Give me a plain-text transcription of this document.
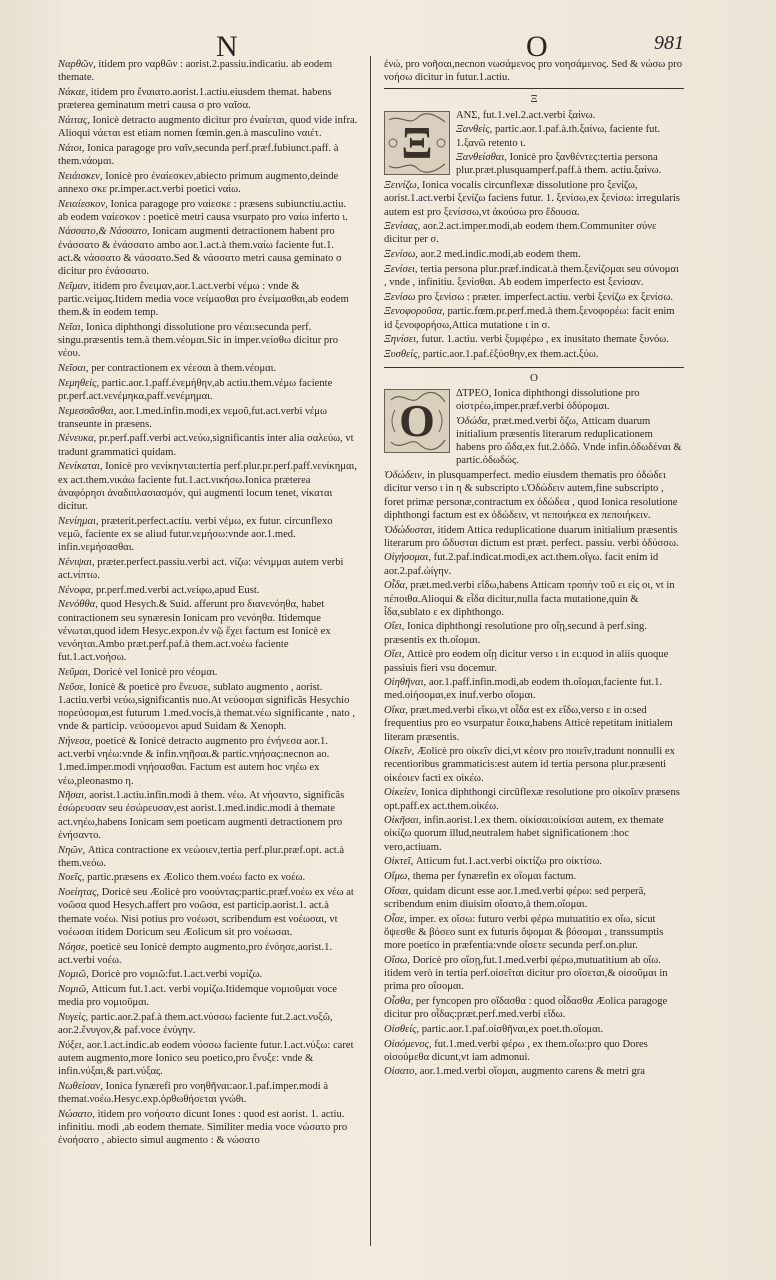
N	O	981
Ναρθῶν, itidem pro ναρθῶν : aorist.2.passiu.indicatiu. ab eodem themate.
Νάκαε, itidem pro ἔναιατο.aorist.1.actiu.eiusdem themat. habens præterea geminatum metri causa σ pro ναῖσα.
Νάιτας, Ionicè detracto augmento dicitur pro ἐναίεται, quod vide infra. Alioqui νάεται est etiam nomen fœmin.gen.à masculino ναιέτ.
Νάιοι, Ionica paragoge pro ναῖν,secunda perf.præf.fubiunct.paff. à them.νάομαι.
Νειάισκεν, Ionicè pro ἐναίεσκεν,abiecto primum augmento,deinde annexo σκε pr.imper.act.verbi poetici ναίω.
Νειαίεσκον, Ionica paragoge pro ναίεσκε : præsens subiunctiu.actiu. ab eodem ναίεσκον : poeticè metri causa vsurpato pro ναίω inferto ι.
Νάσσατο,& Νάσσατο, Ionicam augmenti detractionem habent pro ἐνάσσατο & ἐνάσσατο ambo aor.1.act.à them.ναίω faciente fut.1. act.& νάσσατο & νάσσατο.Sed & νάσσατο metri causa geminato σ dicitur pro ἐνάσσατο.
Νεῖμαν, itidem pro ἔνειμαν,aor.1.act.verbi νέμω : vnde & partic.νείμας.Itidem media voce νείμασθαι pro ἐνείμασθαι,ab eodem them.& in eodem temp.
Νεῖαι, Ionica diphthongi dissolutione pro νέαι:secunda perf. singu.præsentis tem.à them.νέομαι.Sic in imper.νείσθω dicitur pro νέου.
Νεῖσαι, per contractionem ex νέεσαι à them.νέομαι.
Νεμηθεὶς, partic.aor.1.paff.ἐνεμήθην,ab actiu.them.νέμω faciente pr.perf.act.νενέμηκα,paff.νενέμημαι.
Νεμεσσᾶσθαι, aor.1.med.infin.modi,ex νεμοῦ,fut.act.verbi νέμω transeunte in præsens.
Νένευκα, pr.perf.paff.verbi act.νεύω,significantis inter alia σαλεύω, vt tradunt grammatici quidam.
Νενίκαται, Ionicè pro νενίκηνται:tertia perf.plur.pr.perf.paff.νενίκημαι, ex act.them.νικάω faciente fut.1.act.νικήσω.Ionica præterea ἀναφόρησι ἀναδιπλασιασμόν, qui augmenti locum tenet, νίκαται dicitur.
Νενίημαι, præterit.perfect.actiu. verbi νέμω, ex futur. circunflexo νεμῶ, faciente ex se aliud futur.νεμήσω:vnde aor.1.med. infin.νεμήσασθαι.
Νένιψαι, præter.perfect.passiu.verbi act. νίζω: νένιμμαι autem verbi act.νίπτω.
Νένοφα, pr.perf.med.verbi act.νείφω,apud Eust.
Νενόθθα, quod Hesych.& Suid. afferunt pro διανενόηθα, habet contractionem seu synæresin Ionicam pro νενόηθα. Itidemque νένωται,quod idem Hesyc.expon.ἐν νῷ ἔχει factum est Ionicè ex νενόηται.Ambo præt.perf.paf.à them.act.νοέω faciente fut.1.act.νοήσω.
Νεῦμαι, Doricè vel Ionicè pro νέομαι.
Νεῦσε, Ionicè & poeticè pro ἔνευσε, sublato augmento , aorist. 1.actiu.verbi νεύω,significantis nuo.At νεύσομαι significãs Hesychio πορεύσομαι,est futurum 1.med.vocis,à themat.νέω significante , nato , vnde & particip. νεύσομενοι apud Suidam & Xenoph.
Νήνεσα, poeticè & Ionicè detracto augmento pro ἐνήνεσα aor.1. act.verbi νηέω:vnde & infin.νηῆσαι.& partic.νηήσας:necnon ao. 1.med.imper.modi νηήσασθαι. Factum est autem hoc νηέω ex νέω,pleonasmo η.
Νῆσαι, aorist.1.actiu.infin.modi à them. νέω. At νήσαντο, significãs ἐσώρευσαν seu ἐσώρευσαν,est aorist.1.med.indic.modi à themate act.νηέω,habens Ionicam sem poeticam augmenti detractionem pro ἐνήσαντο.
Νηῶν, Attica contractione ex νεώοιεν,tertia perf.plur.præf.opt. act.à them.νεόω.
Νοεῖς, partic.præsens ex Æolico them.νοέω facto ex νοέω.
Νοείητας, Doricè seu Æolicè pro νοούντας:partic.præf.νοέω ex νέω at νοῶσα quod Hesych.affert pro νοῶσα, est particip.aorist.1. act.à themate νοέω. Nisi potius pro νοέωσι, scribendum est νοέωσαι, vt νοέωσαι itidem Doricum seu Æolicum sit pro νοέωσαι.
Νόησε, poeticè seu Ionicè dempto augmento,pro ἐνόησε,aorist.1. act.verbi νοέω.
Νομιῶ, Doricè pro νομιῶ:fut.1.act.verbi νομίζω.
Νομιῶ, Atticum fut.1.act. verbi νομίζω.Itidemque νομιοῦμαι voce media pro νομιοῦμαι.
Νυγεὶς, partic.aor.2.paf.à them.act.νύσσω faciente fut.2.act.νυξῶ, aor.2.ἔνυγον,& paf.voce ἐνύγην.
Νύξει, aor.1.act.indic.ab eodem νύσσω faciente futur.1.act.νύξω: caret autem augmento,more Ionico seu poetico,pro ἔνυξε: vnde & infin.νύξαι,& part.νύξας.
Νωθείσαν, Ionica fynærefi pro νοηθῆναι:aor.1.paf.imper.modi à themat.νοέω.Hesyc.exp.ὀρθωθήσεται γνώθι.
Νώσατο, itidem pro νοήσατο dicunt Iones : quod est aorist. 1. actiu. infinitiu. modi ,ab eodem themate. Similiter media voce νώσατο pro ἐνοήσατο , abiecto simul augmento : & νώσατο
ἐνώ, pro νοῆσαι,necnon νωσάμενος pro νοησάμενος. Sed & νώσω pro νοήσω dicitur in futur.1.actiu.
Ξ
Ξ
ANΣ, fut.1.vel.2.act.verbi ξαίνω.
Ξανθεὶς, partic.aor.1.paf.à.th.ξαίνω, faciente fut. 1.ξανῶ retento ι.
Ξανθείσθαι, Ionicè pro ξανθέντες:tertia persona plur.præt.plusquamperf.paff.à them. actiu.ξαίνω.
Ξεινίζω, Ionica vocalis circunflexæ dissolutione pro ξενίζω, aorist.1.act.verbi ξενίζω faciens futur. 1. ξενίσω,ex ξενίσω: irregularis autem est pro ξενίσσω,vt ἀκούσω pro ἔδουσα.
Ξενίσας, aor.2.act.imper.modi,ab eodem them.Communiter σύνε dicitur per σ.
Ξενίσω, aor.2 med.indic.modi,ab eodem them.
Ξενίσει, tertia persona plur.præf.indicat.à them.ξενίζομαι seu σύνομαι , vnde , infinitiu. ξενίσθαι. Ab eodem imperfecto est ξενίσαν.
Ξενίσω pro ξενίσω : præter. imperfect.actiu. verbi ξενίζω ex ξενίσω.
Ξενοφοροῦσα, partic.fœm.pr.perf.med.à them.ξενοφορέω: facit enim id ξενοφορήσω,Attica mutatione ι in σ.
Ξηνίσει, futur. 1.actiu. verbi ξυμφέρω , ex inusitato themate ξυνόω.
Ξυσθείς, partic.aor.1.paf.ἐξύσθην,ex them.act.ξύω.
O
O
ΔΤΡΕΟ, Ionica diphthongi dissolutione pro οἰστρέω,imper.præf.verbi ὀδύρομαι.
Ὀδώδα, præt.med.verbi ὄζω, Atticam duarum initialium præsentis literarum reduplicationem habens pro ὤδα,ex fut.2.ὀδῶ. Vnde infin.ὀδωδέναι & partic.ὀδωδώς.
Ὀδώδειν, in plusquamperfect. medio eiusdem thematis pro ὀδώδει dicitur verso ι in η & subscripto ι.Ὀδώδειν autem,fine subscripto , foret primæ personæ,contractum ex ὀδώδεα , quod Ionica resolutione diphthongi factum est ex ὀδώδειν, vt πεποιήκεα ex πεποιήκειν.
Ὀδώδυσται, itidem Attica reduplicatione duarum initialium præsentis literarum pro ὤδυσται dictum est præt. perfect. passiu. verbi ὀδύσσω.
Οἰγήσομαι, fut.2.paf.indicat.modi,ex act.them.οἴγω. facit enim id aor.2.paf.ὠίγην.
Οἶδα, præt.med.verbi εἴδω,habens Atticam τροπὴν τοῦ ει εἰς οι, vt in πέποιθα.Alioqui & εἶδα dicitur,nulla facta mutatione,quin & ἶδα,sublato ε ex diphthongo.
Οἴει, Ionica diphthongi resolutione pro οἴῃ,secund à perf.sing. præsentis ex th.οἴομαι.
Οἴει, Atticè pro eodem οἴῃ dicitur verso ι in ει:quod in aliis quoque passiuis fieri vsu docemur.
Οἰηθῆναι, aor.1.paff.infin.modi,ab eodem th.οἴομαι,faciente fut.1. med.οἰήσομαι,ex inuf.verbo οἴομαι.
Οἴκα, præt.med.verbi εἴκω,vt οἶδα est ex εἴδω,verso ε in ο:sed frequentius pro eo vsurpatur ἔοικα,habens Atticè repetitam initialem literam præsentis.
Οἰκεῖν, Æolicè pro οἰκεῖν dici,vt κέοιν pro ποιεῖν,tradunt nonnulli ex recentioribus grammaticis:est autem id tertia persona plur.præsenti οἰκέοιεν facti ex οἰκέω.
Οἰκείεν, Ionica diphthongi circũflexæ resolutione pro οἰκοῖεν præsens opt.paff.ex act.them.οἰκέω.
Οἰκῆσαι, infin.aorist.1.ex them. οἰκίσαι:οἰκίσαι autem, ex themate οἰκίζω quorum illud,neutralem habet significationem :hoc vero,actiuam.
Οἰκτεῖ, Atticum fut.1.act.verbi οἰκτίζω pro οἰκτίσω.
Οἴμω, thema per fynærefin ex οἴομαι factum.
Οἴσαι, quidam dicunt esse aor.1.med.verbi φέρω: sed perperã, scribendum enim diuisim οἴσατο,à them.οἴομαι.
Οἶσε, imper. ex οἴσω: futuro verbi φέρω mutuatitio ex οἴω, sicut ὄψεσθε & βόσεο sunt ex futuris ὄψομαι & βόσομαι , transsumptis more poetico in præfentia:vnde οἴσετε secunda perf.on.plur.
Οἴσω, Doricè pro οἴσῃ,fut.1.med.verbi φέρω,mutuatitium ab οἴω. itidem verò in tertia perf.οἰσεῖται dicitur pro οἴσεται,& οἰσοῦμαι in prima pro οἴσομαι.
Οἶσθα, per fyncopen pro οἴδασθα : quod οἶδασθα Æolica paragoge dicitur pro οἶδας:præt.perf.med.verbi εἴδω.
Οἰσθείς, partic.aor.1.paf.οἰσθῆναι,ex poet.th.οἴομαι.
Οἰσόμενος, fut.1.med.verbi φέρω , ex them.οἴω:pro quo Dores οἰσούμεθα dicunt,vt iam admonui.
Οἰσατο, aor.1.med.verbi οἴομαι, augmento carens & metri gra
